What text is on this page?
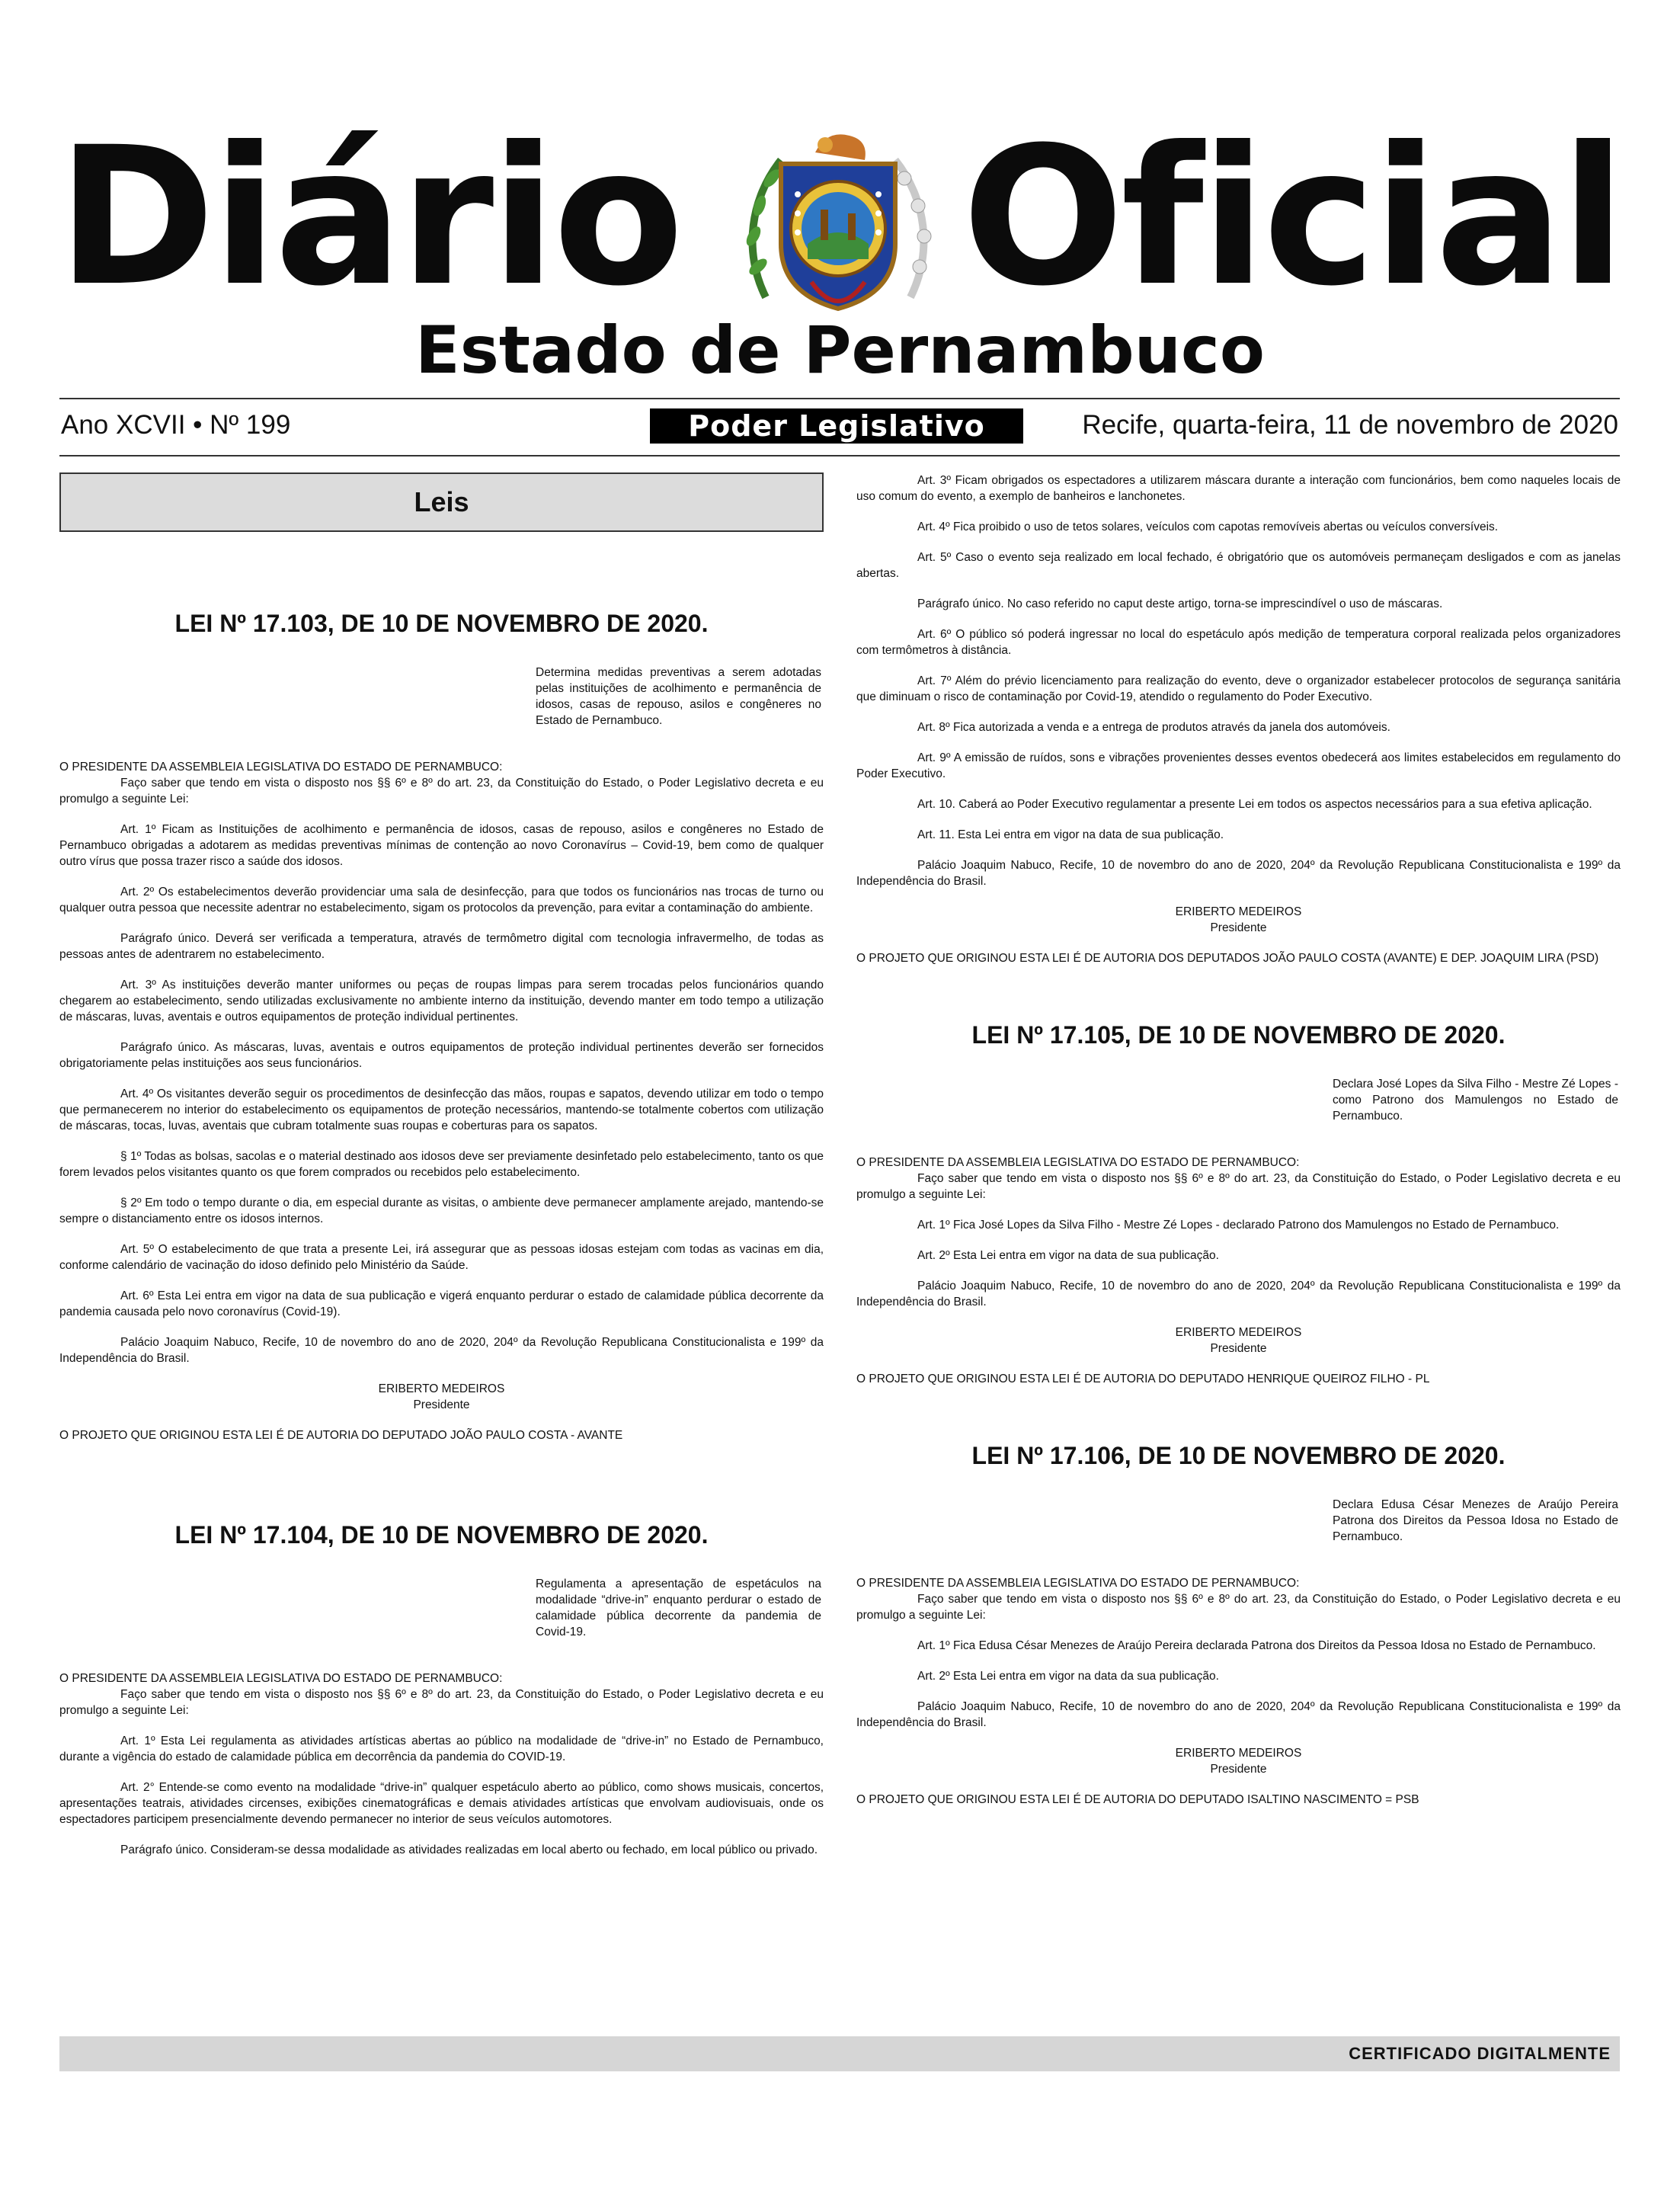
Diário Oficial
Estado de Pernambuco
Ano XCVII • Nº 199	Poder Legislativo	Recife, quarta-feira, 11 de novembro de 2020
Leis
LEI Nº 17.103, DE 10 DE NOVEMBRO DE 2020.
Determina medidas preventivas a serem adotadas pelas instituições de acolhimento e permanência de idosos, casas de repouso, asilos e congêneres no Estado de Pernambuco.

O PRESIDENTE DA ASSEMBLEIA LEGISLATIVA DO ESTADO DE PERNAMBUCO:

Faço saber que tendo em vista o disposto nos §§ 6º e 8º do art. 23, da Constituição do Estado, o Poder Legislativo decreta e eu promulgo a seguinte Lei:

Art. 1º Ficam as Instituições de acolhimento e permanência de idosos, casas de repouso, asilos e congêneres no Estado de Pernambuco obrigadas a adotarem as medidas preventivas mínimas de contenção ao novo Coronavírus – Covid-19, bem como de qualquer outro vírus que possa trazer risco a saúde dos idosos.

Art. 2º Os estabelecimentos deverão providenciar uma sala de desinfecção, para que todos os funcionários nas trocas de turno ou qualquer outra pessoa que necessite adentrar no estabelecimento, sigam os protocolos da prevenção, para evitar a contaminação do ambiente.

Parágrafo único. Deverá ser verificada a temperatura, através de termômetro digital com tecnologia infravermelho, de todas as pessoas antes de adentrarem no estabelecimento.

Art. 3º As instituições deverão manter uniformes ou peças de roupas limpas para serem trocadas pelos funcionários quando chegarem ao estabelecimento, sendo utilizadas exclusivamente no ambiente interno da instituição, devendo manter em todo tempo a utilização de máscaras, luvas, aventais e outros equipamentos de proteção individual pertinentes.

Parágrafo único. As máscaras, luvas, aventais e outros equipamentos de proteção individual pertinentes deverão ser fornecidos obrigatoriamente pelas instituições aos seus funcionários.

Art. 4º Os visitantes deverão seguir os procedimentos de desinfecção das mãos, roupas e sapatos, devendo utilizar em todo o tempo que permanecerem no interior do estabelecimento os equipamentos de proteção necessários, mantendo-se totalmente cobertos com utilização de máscaras, tocas, luvas, aventais que cubram totalmente suas roupas e coberturas para os sapatos.

§ 1º Todas as bolsas, sacolas e o material destinado aos idosos deve ser previamente desinfetado pelo estabelecimento, tanto os que forem levados pelos visitantes quanto os que forem comprados ou recebidos pelo estabelecimento.

§ 2º Em todo o tempo durante o dia, em especial durante as visitas, o ambiente deve permanecer amplamente arejado, mantendo-se sempre o distanciamento entre os idosos internos.

Art. 5º O estabelecimento de que trata a presente Lei, irá assegurar que as pessoas idosas estejam com todas as vacinas em dia, conforme calendário de vacinação do idoso definido pelo Ministério da Saúde.

Art. 6º Esta Lei entra em vigor na data de sua publicação e vigerá enquanto perdurar o estado de calamidade pública decorrente da pandemia causada pelo novo coronavírus (Covid-19).

Palácio Joaquim Nabuco, Recife, 10 de novembro do ano de 2020, 204º da Revolução Republicana Constitucionalista e 199º da Independência do Brasil.

ERIBERTO MEDEIROS

Presidente

O PROJETO QUE ORIGINOU ESTA LEI É DE AUTORIA DO DEPUTADO JOÃO PAULO COSTA - AVANTE

LEI Nº 17.104, DE 10 DE NOVEMBRO DE 2020.
Regulamenta a apresentação de espetáculos na modalidade “drive-in” enquanto perdurar o estado de calamidade pública decorrente da pandemia de Covid-19.

O PRESIDENTE DA ASSEMBLEIA LEGISLATIVA DO ESTADO DE PERNAMBUCO:

Faço saber que tendo em vista o disposto nos §§ 6º e 8º do art. 23, da Constituição do Estado, o Poder Legislativo decreta e eu promulgo a seguinte Lei:

Art. 1º Esta Lei regulamenta as atividades artísticas abertas ao público na modalidade de “drive-in” no Estado de Pernambuco, durante a vigência do estado de calamidade pública em decorrência da pandemia do COVID-19.

Art. 2° Entende-se como evento na modalidade “drive-in” qualquer espetáculo aberto ao público, como shows musicais, concertos, apresentações teatrais, atividades circenses, exibições cinematográficas e demais atividades artísticas que envolvam audiovisuais, onde os espectadores participem presencialmente devendo permanecer no interior de seus veículos automotores.

Parágrafo único. Consideram-se dessa modalidade as atividades realizadas em local aberto ou fechado, em local público ou privado.

Art. 3º Ficam obrigados os espectadores a utilizarem máscara durante a interação com funcionários, bem como naqueles locais de uso comum do evento, a exemplo de banheiros e lanchonetes.

Art. 4º Fica proibido o uso de tetos solares, veículos com capotas removíveis abertas ou veículos conversíveis.

Art. 5º Caso o evento seja realizado em local fechado, é obrigatório que os automóveis permaneçam desligados e com as janelas abertas.

Parágrafo único. No caso referido no caput deste artigo, torna-se imprescindível o uso de máscaras.

Art. 6º O público só poderá ingressar no local do espetáculo após medição de temperatura corporal realizada pelos organizadores com termômetros à distância.

Art. 7º Além do prévio licenciamento para realização do evento, deve o organizador estabelecer protocolos de segurança sanitária que diminuam o risco de contaminação por Covid-19, atendido o regulamento do Poder Executivo.

Art. 8º Fica autorizada a venda e a entrega de produtos através da janela dos automóveis.

Art. 9º A emissão de ruídos, sons e vibrações provenientes desses eventos obedecerá aos limites estabelecidos em regulamento do Poder Executivo.

Art. 10. Caberá ao Poder Executivo regulamentar a presente Lei em todos os aspectos necessários para a sua efetiva aplicação.

Art. 11. Esta Lei entra em vigor na data de sua publicação.

Palácio Joaquim Nabuco, Recife, 10 de novembro do ano de 2020, 204º da Revolução Republicana Constitucionalista e 199º da Independência do Brasil.

ERIBERTO MEDEIROS

Presidente

O PROJETO QUE ORIGINOU ESTA LEI É DE AUTORIA DOS DEPUTADOS JOÃO PAULO COSTA (AVANTE) E DEP. JOAQUIM LIRA (PSD)

LEI Nº 17.105, DE 10 DE NOVEMBRO DE 2020.
Declara José Lopes da Silva Filho - Mestre Zé Lopes - como Patrono dos Mamulengos no Estado de Pernambuco.

O PRESIDENTE DA ASSEMBLEIA LEGISLATIVA DO ESTADO DE PERNAMBUCO:

Faço saber que tendo em vista o disposto nos §§ 6º e 8º do art. 23, da Constituição do Estado, o Poder Legislativo decreta e eu promulgo a seguinte Lei:

Art. 1º Fica José Lopes da Silva Filho - Mestre Zé Lopes - declarado Patrono dos Mamulengos no Estado de Pernambuco.

Art. 2º Esta Lei entra em vigor na data de sua publicação.

Palácio Joaquim Nabuco, Recife, 10 de novembro do ano de 2020, 204º da Revolução Republicana Constitucionalista e 199º da Independência do Brasil.

ERIBERTO MEDEIROS

Presidente

O PROJETO QUE ORIGINOU ESTA LEI É DE AUTORIA DO DEPUTADO HENRIQUE QUEIROZ FILHO - PL

LEI Nº 17.106, DE 10 DE NOVEMBRO DE 2020.
Declara Edusa César Menezes de Araújo Pereira Patrona dos Direitos da Pessoa Idosa no Estado de Pernambuco.

O PRESIDENTE DA ASSEMBLEIA LEGISLATIVA DO ESTADO DE PERNAMBUCO:

Faço saber que tendo em vista o disposto nos §§ 6º e 8º do art. 23, da Constituição do Estado, o Poder Legislativo decreta e eu promulgo a seguinte Lei:

Art. 1º Fica Edusa César Menezes de Araújo Pereira declarada Patrona dos Direitos da Pessoa Idosa no Estado de Pernambuco.

Art. 2º Esta Lei entra em vigor na data da sua publicação.

Palácio Joaquim Nabuco, Recife, 10 de novembro do ano de 2020, 204º da Revolução Republicana Constitucionalista e 199º da Independência do Brasil.

ERIBERTO MEDEIROS

Presidente

O PROJETO QUE ORIGINOU ESTA LEI É DE AUTORIA DO DEPUTADO ISALTINO NASCIMENTO = PSB

CERTIFICADO DIGITALMENTE
